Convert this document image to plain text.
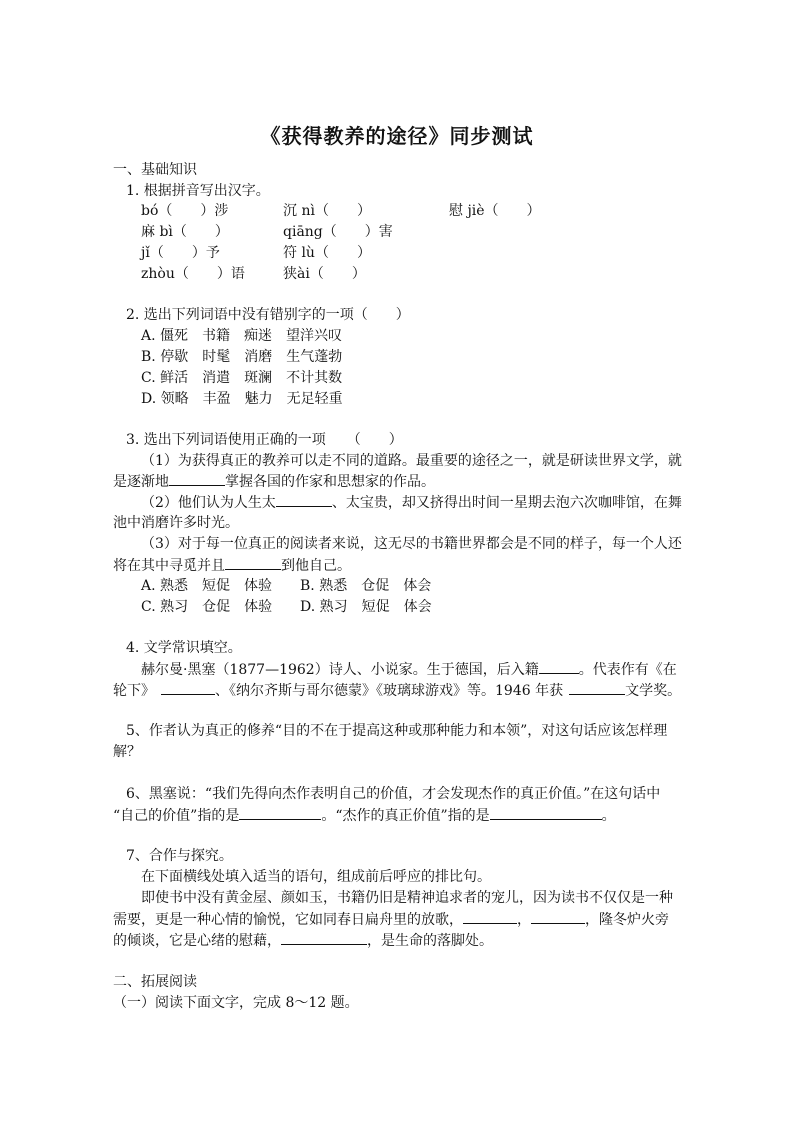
《获得教养的途径》同步测试
一、基础知识
1. 根据拼音写出汉字。
bó（　　）涉	沉 nì（　　）	慰 jiè（　　）
麻 bì（　　）	qiāng（　　）害
jǐ（　　）予	符 lù（　　）
zhòu（　　）语	狭ài（　　）
2. 选出下列词语中没有错别字的一项（　　）
A. 僵死　书籍　痴迷　望洋兴叹
B. 停歇　时髦　消磨　生气蓬勃
C. 鲜活　消遣　斑澜　不计其数
D. 领略　丰盈　魅力　无足轻重
3. 选出下列词语使用正确的一项　　（　　）
（1）为获得真正的教养可以走不同的道路。最重要的途径之一，就是研读世界文学，就
是逐渐地	掌握各国的作家和思想家的作品。
（2）他们认为人生太	、太宝贵，却又挤得出时间一星期去泡六次咖啡馆，在舞
池中消磨许多时光。
（3）对于每一位真正的阅读者来说，这无尽的书籍世界都会是不同的样子，每一个人还
将在其中寻觅并且	到他自己。
A. 熟悉　短促　体验 B. 熟悉　仓促　体会
C. 熟习　仓促　体验 D. 熟习　短促　体会
4. 文学常识填空。
赫尔曼·黑塞（1877—1962）诗人、小说家。生于德国，后入籍	。代表作有《在
轮下》	、《纳尔齐斯与哥尔德蒙》《玻璃球游戏》等。1946 年获	文学奖。
5、作者认为真正的修养“目的不在于提高这种或那种能力和本领”，对这句话应该怎样理
解？
6、黑塞说：“我们先得向杰作表明自己的价值，才会发现杰作的真正价值。”在这句话中
“自己的价值”指的是	。“杰作的真正价值”指的是	。
7、合作与探究。
在下面横线处填入适当的语句，组成前后呼应的排比句。
即使书中没有黄金屋、颜如玉，书籍仍旧是精神追求者的宠儿，因为读书不仅仅是一种
需要，更是一种心情的愉悦，它如同春日扁舟里的放歌，	，	，隆冬炉火旁
的倾谈，它是心绪的慰藉，	，是生命的落脚处。
二、拓展阅读
（一）阅读下面文字，完成 8～12 题。
